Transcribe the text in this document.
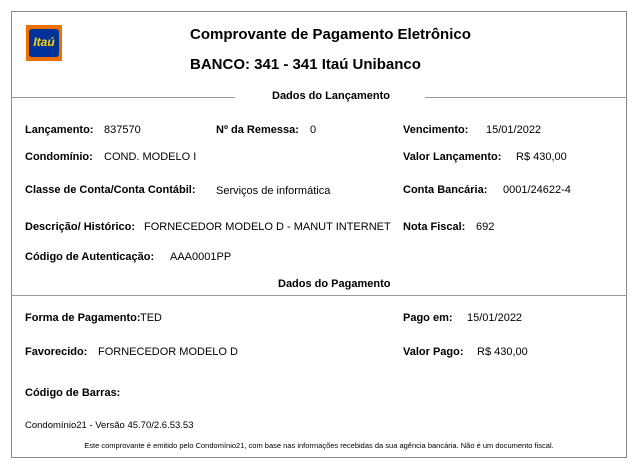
Itaú	Comprovante de Pagamento Eletrônico
BANCO: 341 - 341 Itaú Unibanco
Dados do Lançamento
Lançamento: 837570	Nº da Remessa: 0	Vencimento: 15/01/2022
Condomínio: COND. MODELO I	Valor Lançamento: R$ 430,00
Classe de Conta/Conta Contábil: Serviços de informática	Conta Bancária: 0001/24622-4
Descrição/ Histórico: FORNECEDOR MODELO D - MANUT INTERNET Nota Fiscal: 692
Código de Autenticação: AAA0001PP
Dados do Pagamento
Forma de Pagamento: TED	Pago em: 15/01/2022
Favorecido: FORNECEDOR MODELO D	Valor Pago: R$ 430,00
Código de Barras:
Condomínio21 - Versão 45.70/2.6.53.53
Este comprovante é emitido pelo Condomínio21, com base nas informações recebidas da sua agência bancária. Não é um documento fiscal.
